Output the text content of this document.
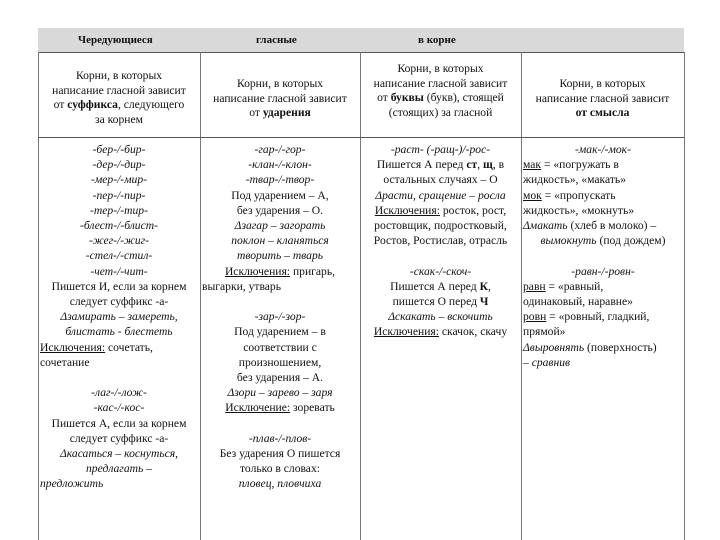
Чередующиеся	гласные	в корне
Корни, в которых
написание гласной зависит
от суффикса, следующего
за корнем
Корни, в которых
написание гласной зависит
от ударения
Корни, в которых
написание гласной зависит
от буквы (букв), стоящей
(стоящих) за гласной
Корни, в которых
написание гласной зависит
от смысла
-бер-/-бир-
-дер-/-дир-
-мер-/-мир-
-пер-/-пир-
-тер-/-тир-
-блест-/-блист-
-жег-/-жиг-
-стел-/-стил-
-чет-/-чит-
Пишется И, если за корнем
следует суффикс -а-
Δзамирать – замереть,
блистать - блестеть
Исключения: сочетать,
сочетание

-лаг-/-лож-
-кас-/-кос-
Пишется А, если за корнем
следует суффикс -а-
Δкасаться – коснуться,
предлагать –
предложить
-гар-/-гор-
-клан-/-клон-
-твар-/-твор-
Под ударением – А,
без ударения – О.
Δзагар – загорать
поклон – кланяться
творить – тварь
Исключения: пригарь,
выгарки, утварь

-зар-/-зор-
Под ударением – в
соответствии с
произношением,
без ударения – А.
Δзори – зарево – заря
Исключение: зоревать

-плав-/-плов-
Без ударения О пишется
только в словах:
пловец, пловчиха
-раст- (-ращ-)/-рос-
Пишется А перед ст, щ, в
остальных случаях – О
Δрасти, сращение – росла
Исключения: росток, рост,
ростовщик, подростковый,
Ростов, Ростислав, отрасль

-скак-/-скоч-
Пишется А перед К,
пишется О перед Ч
Δскакать – вскочить
Исключения: скачок, скачу
-мак-/-мок-
мак = «погружать в
жидкость», «макать»
мок = «пропускать
жидкость», «мокнуть»
Δмакать (хлеб в молоко) –
вымокнуть (под дождем)

-равн-/-ровн-
равн = «равный,
одинаковый, наравне»
ровн = «ровный, гладкий,
прямой»
Δвыровнять (поверхность)
– сравнив
